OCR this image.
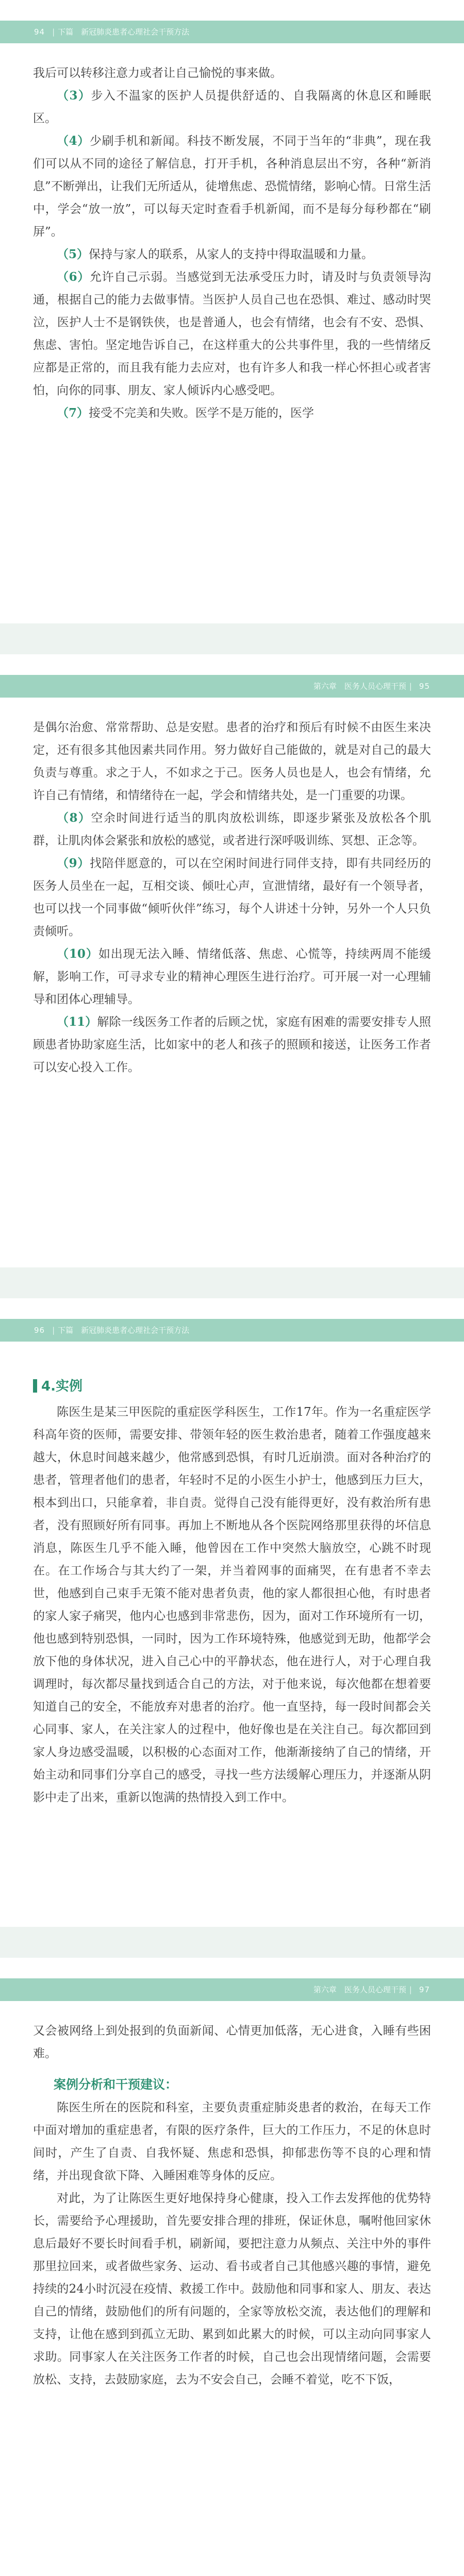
94 | 下篇　新冠肺炎患者心理社会干预方法

我后可以转移注意力或者让自己愉悦的事来做。

（3）步入不温家的医护人员提供舒适的、自我隔离的休息区和睡眠区。

（4）少刷手机和新闻。科技不断发展，不同于当年的“非典”，现在我们可以从不同的途径了解信息，打开手机，各种消息层出不穷，各种“新消息”不断弹出，让我们无所适从，徒增焦虑、恐慌情绪，影响心情。日常生活中，学会“放一放”，可以每天定时查看手机新闻，而不是每分每秒都在“刷屏”。

（5）保持与家人的联系，从家人的支持中得取温暖和力量。

（6）允许自己示弱。当感觉到无法承受压力时，请及时与负责领导沟通，根据自己的能力去做事情。当医护人员自己也在恐惧、难过、感动时哭泣，医护人士不是钢铁侠，也是普通人，也会有情绪，也会有不安、恐惧、焦虑、害怕。坚定地告诉自己，在这样重大的公共事件里，我的一些情绪反应都是正常的，而且我有能力去应对，也有许多人和我一样心怀担心或者害怕，向你的同事、朋友、家人倾诉内心感受吧。

（7）接受不完美和失败。医学不是万能的，医学

第六章　医务人员心理干预 | 95

是偶尔治愈、常常帮助、总是安慰。患者的治疗和预后有时候不由医生来决定，还有很多其他因素共同作用。努力做好自己能做的，就是对自己的最大负责与尊重。求之于人，不如求之于己。医务人员也是人，也会有情绪，允许自己有情绪，和情绪待在一起，学会和情绪共处，是一门重要的功课。

（8）空余时间进行适当的肌肉放松训练，即逐步紧张及放松各个肌群，让肌肉体会紧张和放松的感觉，或者进行深呼吸训练、冥想、正念等。

（9）找陪伴愿意的，可以在空闲时间进行同伴支持，即有共同经历的医务人员坐在一起，互相交谈、倾吐心声，宣泄情绪，最好有一个领导者，也可以找一个同事做“倾听伙伴”练习，每个人讲述十分钟，另外一个人只负责倾听。

（10）如出现无法入睡、情绪低落、焦虑、心慌等，持续两周不能缓解，影响工作，可寻求专业的精神心理医生进行治疗。可开展一对一心理辅导和团体心理辅导。

（11）解除一线医务工作者的后顾之忧，家庭有困难的需要安排专人照顾患者协助家庭生活，比如家中的老人和孩子的照顾和接送，让医务工作者可以安心投入工作。

96 | 下篇　新冠肺炎患者心理社会干预方法
4.实例

陈医生是某三甲医院的重症医学科医生，工作17年。作为一名重症医学科高年资的医师，需要安排、带领年轻的医生救治患者，随着工作强度越来越大，休息时间越来越少，他常感到恐惧，有时几近崩溃。面对各种治疗的患者，管理者他们的患者，年轻时不足的小医生小护士，他感到压力巨大，根本到出口，只能拿着，非自责。觉得自己没有能得更好，没有救治所有患者，没有照顾好所有同事。再加上不断地从各个医院网络那里获得的坏信息消息，陈医生几乎不能入睡，他曾因在工作中突然大脑放空，心跳不时现在。在工作场合与其大约了一架，并当着网事的面痛哭，在有患者不幸去世，他感到自己束手无策不能对患者负责，他的家人都很担心他，有时患者的家人家子痛哭，他内心也感到非常悲伤，因为，面对工作环境所有一切，他也感到特别恐惧，一同时，因为工作环境特殊，他感觉到无助，他都学会放下他的身体状况，进入自己心中的平静状态，他在进行人，对于心理自我调理时，每次都尽量找到适合自己的方法，对于他来说，每次他都在想着要知道自己的安全，不能放弃对患者的治疗。他一直坚持，每一段时间都会关心同事、家人，在关注家人的过程中，他好像也是在关注自己。每次都回到家人身边感受温暖，以积极的心态面对工作，他渐渐接纳了自己的情绪，开始主动和同事们分享自己的感受，寻找一些方法缓解心理压力，并逐渐从阴影中走了出来，重新以饱满的热情投入到工作中。

第六章　医务人员心理干预 | 97

又会被网络上到处报到的负面新闻、心情更加低落，无心进食，入睡有些困难。

案例分析和干预建议：

陈医生所在的医院和科室，主要负责重症肺炎患者的救治，在每天工作中面对增加的重症患者，有限的医疗条件，巨大的工作压力，不足的休息时间时，产生了自责、自我怀疑、焦虑和恐惧，抑郁悲伤等不良的心理和情绪，并出现食欲下降、入睡困难等身体的反应。

对此，为了让陈医生更好地保持身心健康，投入工作去发挥他的优势特长，需要给予心理援助，首先要安排合理的排班，保证休息，嘱咐他回家休息后最好不要长时间看手机，刷新闻，要把注意力从频点、关注中外的事件那里拉回来，或者做些家务、运动、看书或者自己其他感兴趣的事情，避免持续的24小时沉浸在疫情、救援工作中。鼓励他和同事和家人、朋友、表达自己的情绪，鼓励他们的所有问题的，全家等放松交流，表达他们的理解和支持，让他在感到到孤立无助、累到如此累大的时候，可以主动向同事家人求助。同事家人在关注医务工作者的时候，自己也会出现情绪问题，会需要放松、支持，去鼓励家庭，去为不安会自己，会睡不着觉，吃不下饭，
